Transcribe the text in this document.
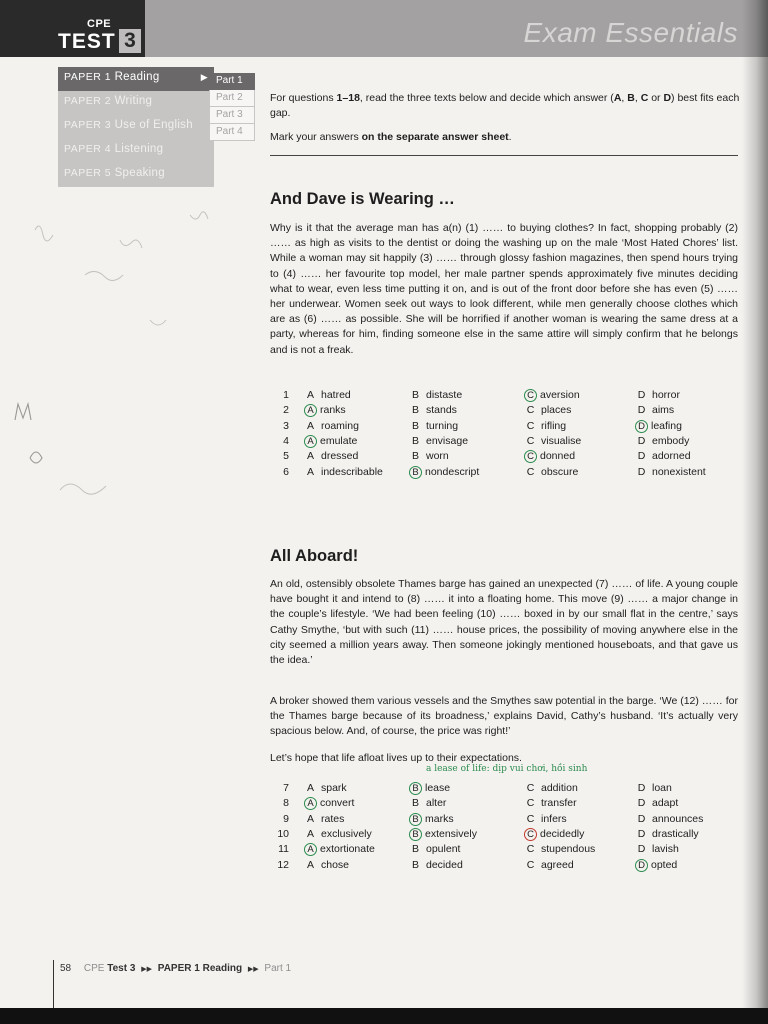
CPE
TEST 3	Exam Essentials
PAPER 1 Reading	▶
PAPER 2 Writing
PAPER 3 Use of English
PAPER 4 Listening
PAPER 5 Speaking
Part 1
Part 2
Part 3
Part 4

For questions 1–18, read the three texts below and decide which answer (A, B, C or D) best fits each gap.

Mark your answers on the separate answer sheet.

And Dave is Wearing …

Why is it that the average man has a(n) (1) …… to buying clothes? In fact, shopping probably (2) …… as high as visits to the dentist or doing the washing up on the male ‘Most Hated Chores’ list. While a woman may sit happily (3) …… through glossy fashion magazines, then spend hours trying to (4) …… her favourite top model, her male partner spends approximately five minutes deciding what to wear, even less time putting it on, and is out of the front door before she has even (5) …… her underwear. Women seek out ways to look different, while men generally choose clothes which are as (6) …… as possible. She will be horrified if another woman is wearing the same dress at a party, whereas for him, finding someone else in the same attire will simply confirm that he belongs and is not a freak.

1 A hatred	B distaste	C aversion	D horror
2	A ranks	B stands	C places	D aims
3 A roaming	B turning	C rifling	D leafing
4	A emulate	B envisage	C visualise	D embody
5 A dressed	B worn	C donned	D adorned
6 A indescribable	B nondescript	C obscure	D nonexistent
All Aboard!

An old, ostensibly obsolete Thames barge has gained an unexpected (7) …… of life. A young couple have bought it and intend to (8) …… it into a floating home. This move (9) …… a major change in the couple’s lifestyle. ‘We had been feeling (10) …… boxed in by our small flat in the centre,’ says Cathy Smythe, ‘but with such (11) …… house prices, the possibility of moving anywhere else in the city seemed a million years away. Then someone jokingly mentioned houseboats, and that gave us the idea.’

A broker showed them various vessels and the Smythes saw potential in the barge. ‘We (12) …… for the Thames barge because of its broadness,’ explains David, Cathy’s husband. ‘It’s actually very spacious below. And, of course, the price was right!’

Let’s hope that life afloat lives up to their expectations.

a lease of life: dịp vui chơi, hồi sinh
7 A spark	B lease	C addition	D loan
8	A convert	B alter	C transfer	D adapt
9 A rates	B marks	C infers	D announces
10 A exclusively	B extensively	C decidedly	D drastically
11	A extortionate	B opulent	C stupendous	D lavish
12 A chose	B decided	C agreed	D opted
58 CPE Test 3 ▶▶ PAPER 1 Reading ▶▶ Part 1
